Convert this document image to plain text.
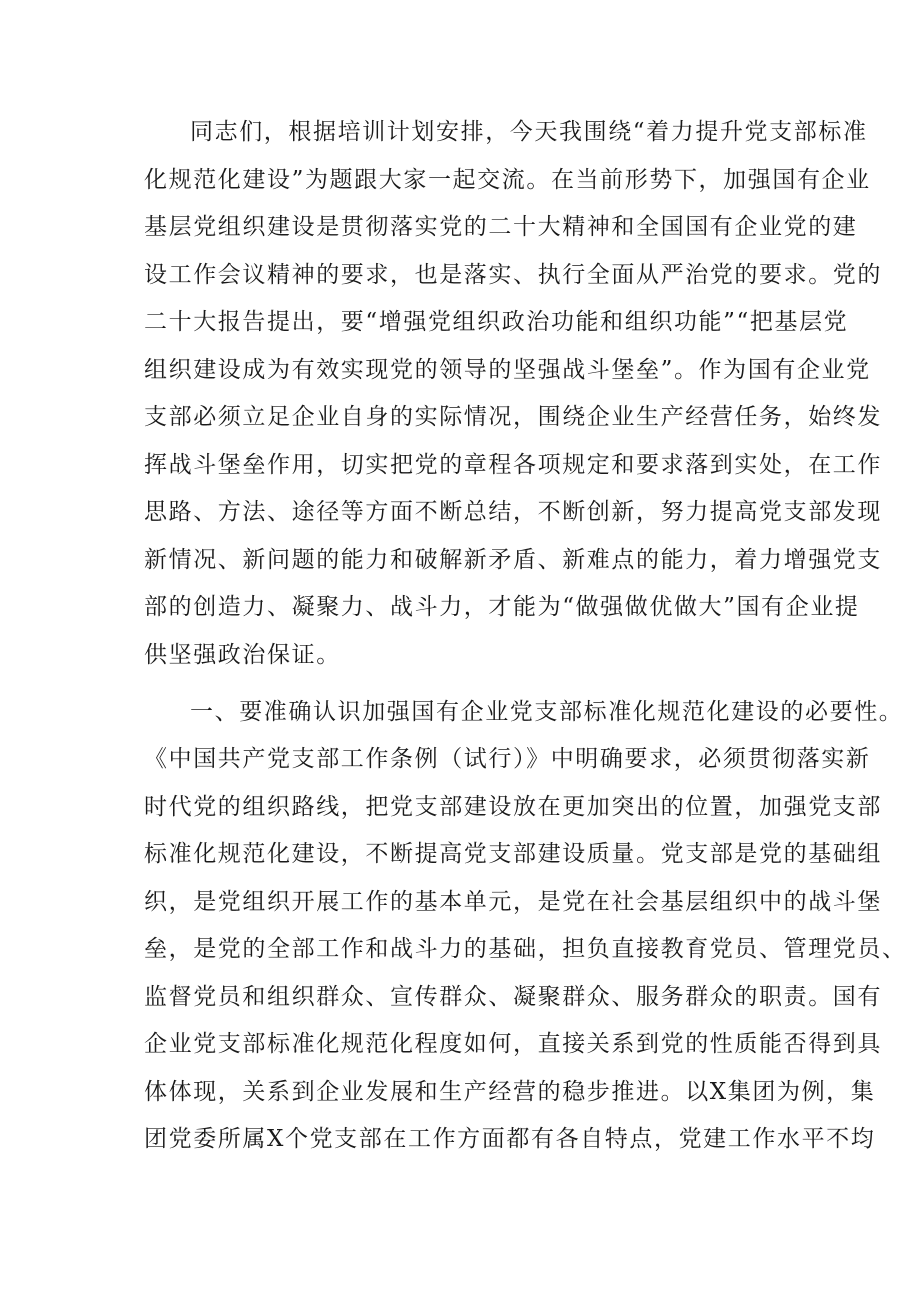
同志们，根据培训计划安排，今天我围绕“着力提升党支部标准
化规范化建设”为题跟大家一起交流。在当前形势下，加强国有企业
基层党组织建设是贯彻落实党的二十大精神和全国国有企业党的建
设工作会议精神的要求，也是落实、执行全面从严治党的要求。党的
二十大报告提出，要“增强党组织政治功能和组织功能”“把基层党
组织建设成为有效实现党的领导的坚强战斗堡垒”。作为国有企业党
支部必须立足企业自身的实际情况，围绕企业生产经营任务，始终发
挥战斗堡垒作用，切实把党的章程各项规定和要求落到实处，在工作
思路、方法、途径等方面不断总结，不断创新，努力提高党支部发现
新情况、新问题的能力和破解新矛盾、新难点的能力，着力增强党支
部的创造力、凝聚力、战斗力，才能为“做强做优做大”国有企业提
供坚强政治保证。
一、要准确认识加强国有企业党支部标准化规范化建设的必要性。
《中国共产党支部工作条例（试行）》中明确要求，必须贯彻落实新
时代党的组织路线，把党支部建设放在更加突出的位置，加强党支部
标准化规范化建设，不断提高党支部建设质量。党支部是党的基础组
织，是党组织开展工作的基本单元，是党在社会基层组织中的战斗堡
垒，是党的全部工作和战斗力的基础，担负直接教育党员、管理党员、
监督党员和组织群众、宣传群众、凝聚群众、服务群众的职责。国有
企业党支部标准化规范化程度如何，直接关系到党的性质能否得到具
体体现，关系到企业发展和生产经营的稳步推进。以X集团为例，集
团党委所属X个党支部在工作方面都有各自特点，党建工作水平不均
